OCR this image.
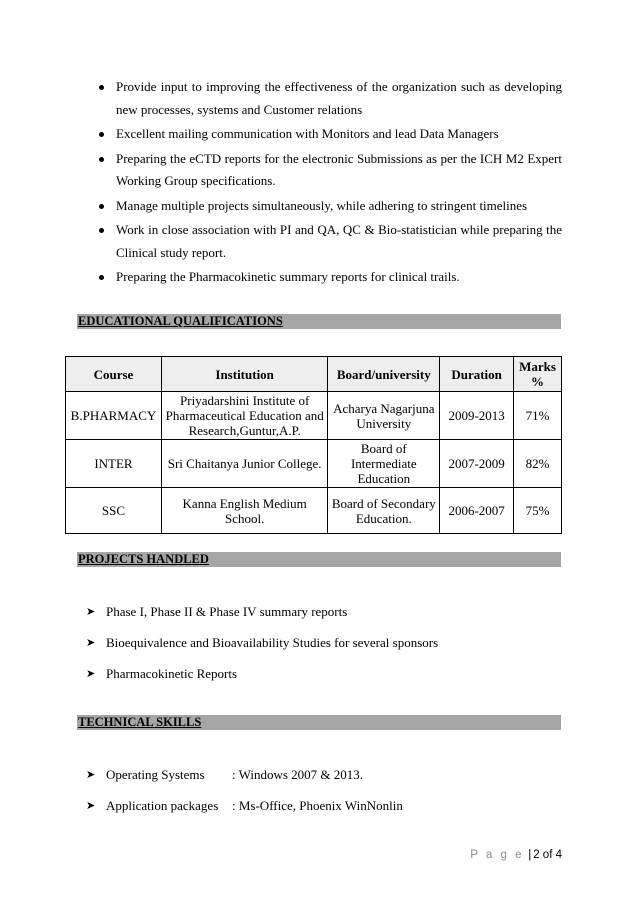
Provide input to improving the effectiveness of the organization such as developing new processes, systems and Customer relations
Excellent mailing communication with Monitors and lead Data Managers
Preparing the eCTD reports for the electronic Submissions as per the ICH M2 Expert Working Group specifications.
Manage multiple projects simultaneously, while adhering to stringent timelines
Work in close association with PI and QA, QC & Bio-statistician while preparing the Clinical study report.
Preparing the Pharmacokinetic summary reports for clinical trails.
EDUCATIONAL QUALIFICATIONS
Course	Institution	Board/university	Duration	Marks %
B.PHARMACY	Priyadarshini Institute of Pharmaceutical Education and Research,Guntur,A.P.	Acharya Nagarjuna University	2009-2013	71%
INTER	Sri Chaitanya Junior College.	Board of Intermediate Education	2007-2009	82%
SSC	Kanna English Medium School.	Board of Secondary Education.	2006-2007	75%
PROJECTS HANDLED
➤ Phase I, Phase II & Phase IV summary reports
➤ Bioequivalence and Bioavailability Studies for several sponsors
➤ Pharmacokinetic Reports
TECHNICAL SKILLS
➤ Operating Systems : Windows 2007 & 2013.
➤ Application packages : Ms-Office, Phoenix WinNonlin
P a g e | 2 of 4
